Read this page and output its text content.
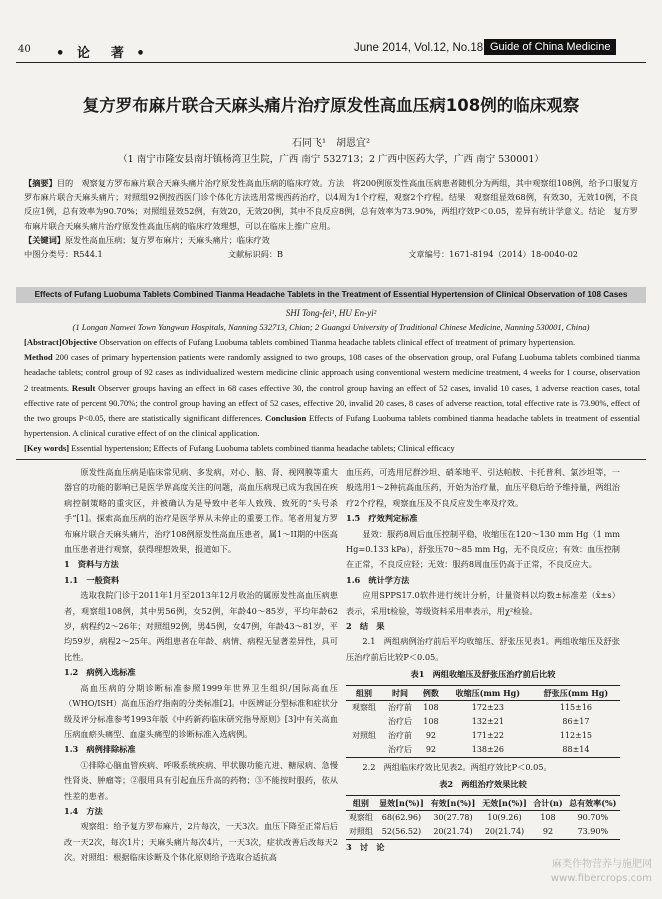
40 • 论　著 •	June 2014, Vol.12, No.18 Guide of China Medicine
复方罗布麻片联合天麻头痛片治疗原发性高血压病108例的临床观察
石同飞¹　胡恩宜²
（1 南宁市隆安县南圩镇杨湾卫生院，广西 南宁 532713；2 广西中医药大学，广西 南宁 530001）
【摘要】目的　观察复方罗布麻片联合天麻头痛片治疗原发性高血压病的临床疗效。方法　将200例原发性高血压病患者随机分为两组，其中观察组108例，给予口服复方罗布麻片联合天麻头痛片；对照组92例按西医门诊个体化方法选用常规西药治疗，以4周为1个疗程，观察2个疗程。结果　观察组显效68例，有效30，无效10例，不良反应1例，总有效率为90.70%；对照组显效52例，有效20，无效20例，其中不良反应8例，总有效率为73.90%，两组疗效P＜0.05，差异有统计学意义。结论　复方罗布麻片联合天麻头痛片治疗原发性高血压病的临床疗效理想，可以在临床上推广应用。
【关键词】原发性高血压病；复方罗布麻片；天麻头痛片；临床疗效
中图分类号：R544.1	文献标识码：B	文章编号：1671-8194（2014）18-0040-02
Effects of Fufang Luobuma Tablets Combined Tianma Headache Tablets in the Treatment of Essential Hypertension of Clinical Observation of 108 Cases
SHI Tong-fei¹, HU En-yi²
(1 Longan Nanwei Town Yangwan Hospitals, Nanning 532713, Chian; 2 Guangxi University of Traditional Chinese Medicine, Nanning 530001, China)
[Abstract]Objective Observation on effects of Fufang Luobuma tablets combined Tianma headache tablets clinical effect of treatment of primary hypertension.
Method 200 cases of primary hypertension patients were randomly assigned to two groups, 108 cases of the observation group, oral Fufang Luobuma tablets combined tianma headache tablets; control group of 92 cases as individualized western medicine clinic approach using conventional western medicine treatment, 4 weeks for 1 course, observation 2 treatments. Result Observer groups having an effect in 68 cases effective 30, the control group having an effect of 52 cases, invalid 10 cases, 1 adverse reaction cases, total effective rate of percent 90.70%; the control group having an effect of 52 cases, effective 20, invalid 20 cases, 8 cases of adverse reaction, total effective rate is 73.90%, effect of the two groups P<0.05, there are statistically significant differences. Conclusion Effects of Fufang Luobuma tablets combined tianma headache tablets in treatment of essential hypertension. A clinical curative effect of on the clinical application.
[Key words] Essential hypertension; Effects of Fufang Luobuma tablets combined tianma headache tablets; Clinical efficacy

原发性高血压病是临床常见病、多发病，对心、脑、肾、视网膜等重大器官的功能的影响已是医学界高度关注的问题，高血压病现已成为我国在疾病控制策略的重灾区，并被确认为是导致中老年人致残、致死的“头号杀手”[1]。探索高血压病的治疗是医学界从未停止的重要工作。笔者用复方罗布麻片联合天麻头痛片，治疗108例原发性高血压患者，属1～II期的中医高血压患者进行观察，获得理想效果，报道如下。

1　资料与方法

1.1　一般资料

选取我院门诊于2011年1月至2013年12月收治的属原发性高血压病患者，观察组108例，其中男56例，女52例，年龄40～85岁，平均年龄62岁，病程约2～26年；对照组92例，男45例，女47例，年龄43～81岁，平均59岁，病程2～25年。两组患者在年龄、病情、病程无显著差异性，具可比性。

1.2　病例入选标准

高血压病的分期诊断标准参照1999年世界卫生组织/国际高血压（WHO/ISH）高血压治疗指南的分类标准[2]。中医辨证分型标准和症状分级及评分标准参考1993年版《中药新药临床研究指导原则》[3]中有关高血压病血瘀头痛型、血虚头痛型的诊断标准入选病例。

1.3　病例排除标准

①排除心脑血管疾病、呼吸系统疾病、甲状腺功能亢进、糖尿病、急慢性肾炎、肿瘤等；②服用具有引起血压升高的药物；③不能按时服药，依从性差的患者。

1.4　方法

观察组：给予复方罗布麻片，2片每次，一天3次。血压下降至正常后后改一天2次，每次1片；天麻头痛片每次4片，一天3次，症状改善后改每天2次。对照组：根据临床诊断及个体化原则给予选取合适抗高

血压药，可选用尼群沙坦、硝苯地平、引达帕胺、卡托普利、氯沙坦等，一般选用1～2种抗高血压药，开始为治疗量，血压平稳后给予维持量，两组治疗2个疗程，观察血压及不良反应发生率及疗效。

1.5　疗效判定标准

显效：服药8周后血压控制平稳，收缩压在120～130 mm Hg（1 mm Hg=0.133 kPa），舒张压70～85 mm Hg，无不良反应；有效：血压控制在正常，不良反应轻；无效：服药8周血压仍高于正常，不良反应大。

1.6　统计学方法

应用SPPS17.0软件进行统计分析，计量资料以均数±标准差（x̄±s）表示，采用t检验，等级资料采用率表示，用χ²检验。

2　结　果

2.1　两组病例治疗前后平均收缩压、舒张压见表1。两组收缩压及舒张压治疗前后比较P＜0.05。

表1　两组收缩压及舒张压治疗前后比较
组别	时间	例数	收缩压(mm Hg)	舒张压(mm Hg)
观察组	治疗前	108	172±23	115±16
	治疗后	108	132±21	86±17
对照组	治疗前	92	171±22	112±15
	治疗后	92	138±26	88±14

2.2　两组临床疗效比见表2。两组疗效比P＜0.05。

表2　两组治疗效果比较
组别	显效[n(%)]	有效[n(%)]	无效[n(%)]	合计(n)	总有效率(%)
观察组	68(62.96)	30(27.78)	10(9.26)	108	90.70%
对照组	52(56.52)	20(21.74)	20(21.74)	92	73.90%

3　讨　论

麻类作物营养与施肥网
www.fibercrops.com
